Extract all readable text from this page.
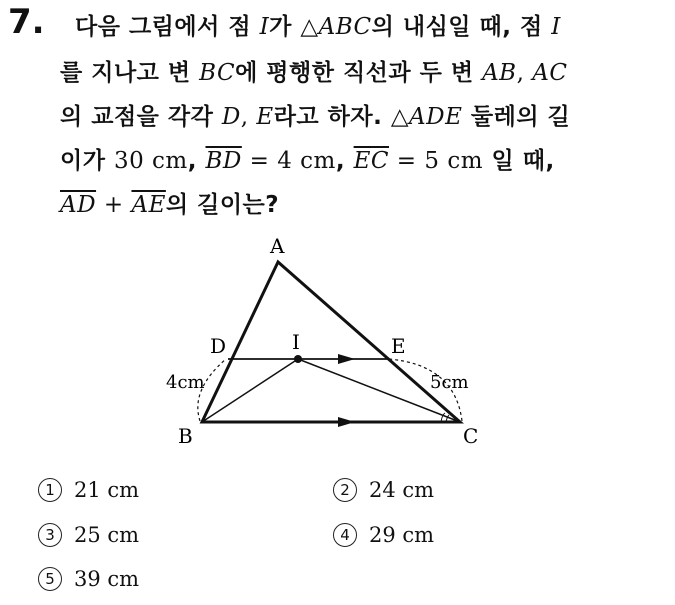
7. 다음 그림에서 점 I가 △ABC의 내심일 때, 점 I
를 지나고 변 BC에 평행한 직선과 두 변 AB, AC
의 교점을 각각 D, E라고 하자. △ADE 둘레의 길
이가 30 cm, $\overline{BD} = 4$ cm, $\overline{EC} = 5$ cm 일 때,
$\overline{AD} + \overline{AE}$의 길이는?
A
B	C
D	I	E
4cm	5cm
1 21 cm	2 24 cm
3 25 cm	4 29 cm
5 39 cm
